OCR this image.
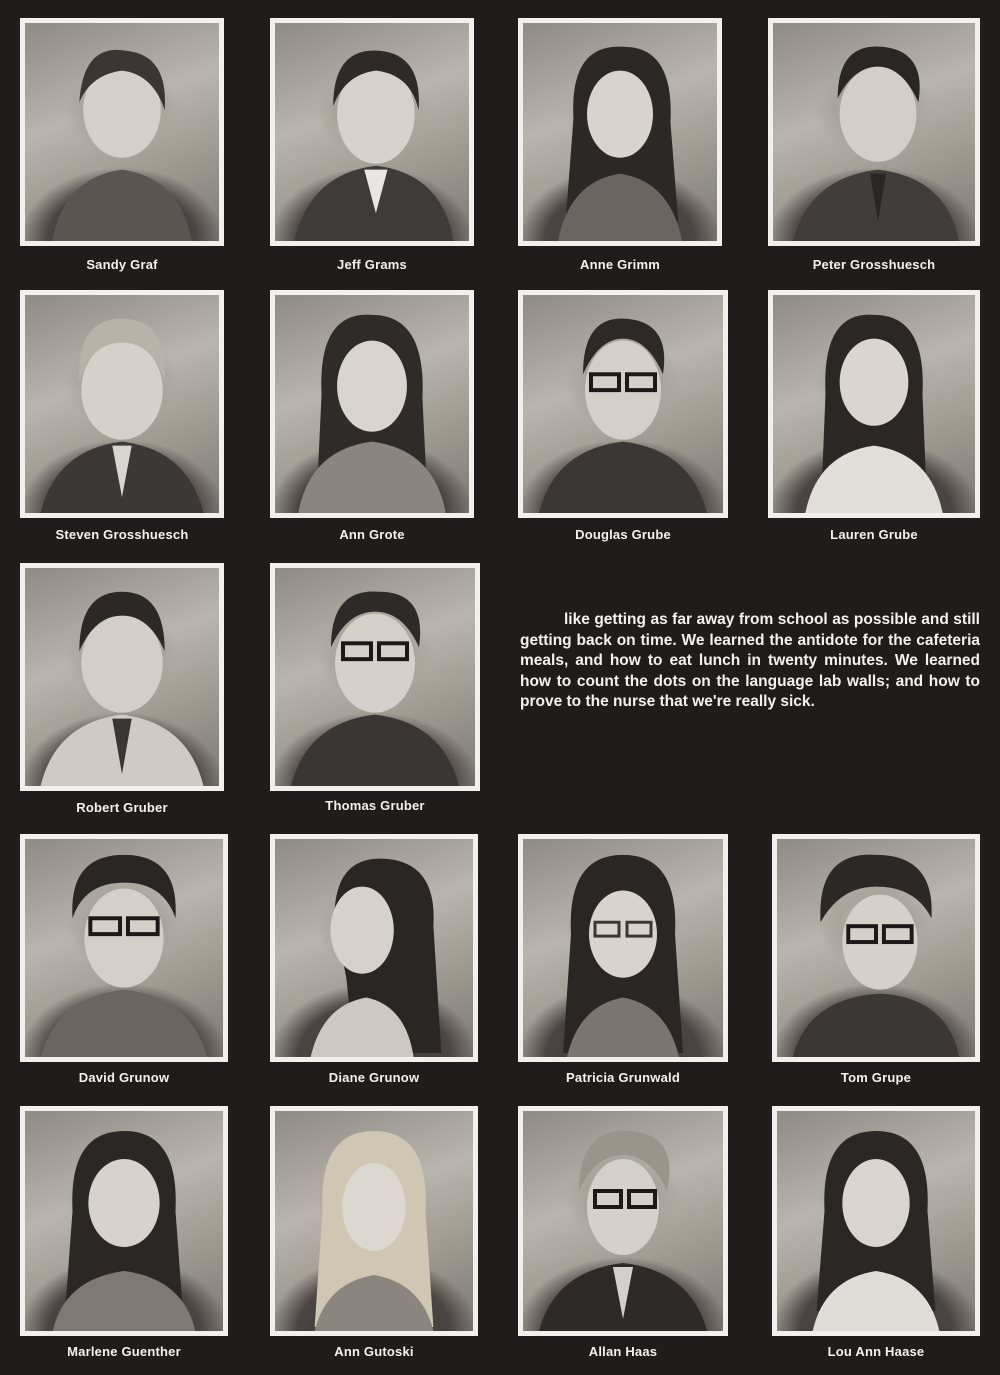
Sandy Graf	Jeff Grams	Anne Grimm	Peter Grosshuesch
Steven Grosshuesch	Ann Grote	Douglas Grube	Lauren Grube
Robert Gruber	Thomas Gruber

like getting as far away from school as possible and still getting back on time. We learned the antidote for the cafeteria meals, and how to eat lunch in twenty minutes. We learned how to count the dots on the language lab walls; and how to prove to the nurse that we're really sick.

David Grunow	Diane Grunow	Patricia Grunwald	Tom Grupe
Marlene Guenther	Ann Gutoski	Allan Haas	Lou Ann Haase
